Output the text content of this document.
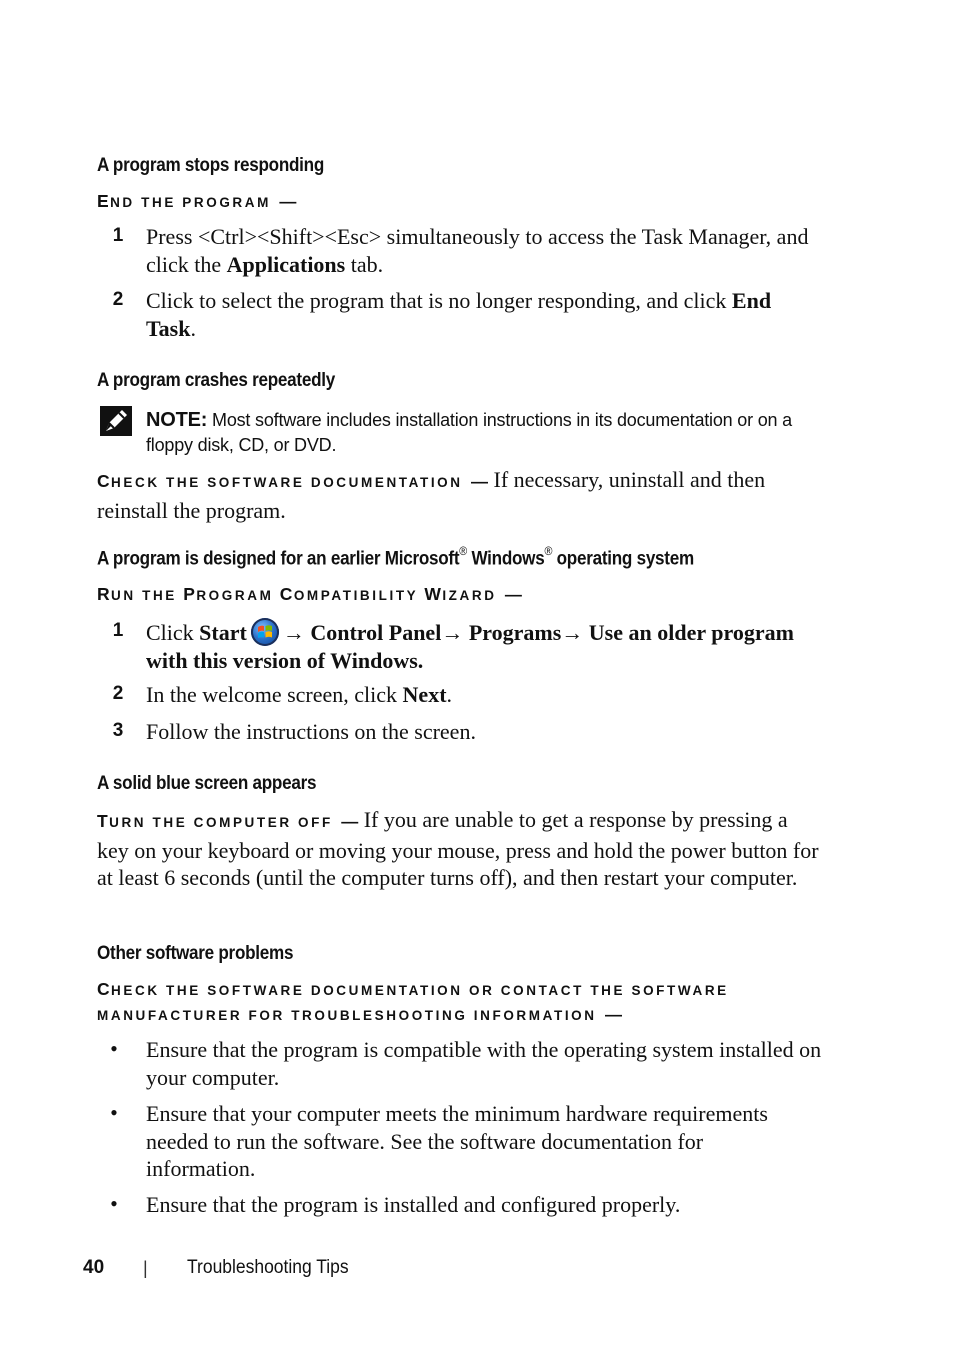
A program stops responding
END THE PROGRAM —
1 Press <Ctrl><Shift><Esc> simultaneously to access the Task Manager, and click the Applications tab.
2 Click to select the program that is no longer responding, and click End Task.
A program crashes repeatedly
NOTE: Most software includes installation instructions in its documentation or on a floppy disk, CD, or DVD.
CHECK THE SOFTWARE DOCUMENTATION — If necessary, uninstall and then reinstall the program.
A program is designed for an earlier Microsoft® Windows® operating system
RUN THE PROGRAM COMPATIBILITY WIZARD —
1 Click Start → Control Panel→ Programs→ Use an older program with this version of Windows.
2 In the welcome screen, click Next.
3 Follow the instructions on the screen.
A solid blue screen appears
TURN THE COMPUTER OFF — If you are unable to get a response by pressing a key on your keyboard or moving your mouse, press and hold the power button for at least 6 seconds (until the computer turns off), and then restart your computer.
Other software problems
CHECK THE SOFTWARE DOCUMENTATION OR CONTACT THE SOFTWARE
MANUFACTURER FOR TROUBLESHOOTING INFORMATION —
• Ensure that the program is compatible with the operating system installed on your computer.
• Ensure that your computer meets the minimum hardware requirements needed to run the software. See the software documentation for information.
• Ensure that the program is installed and configured properly.
40 | Troubleshooting Tips
